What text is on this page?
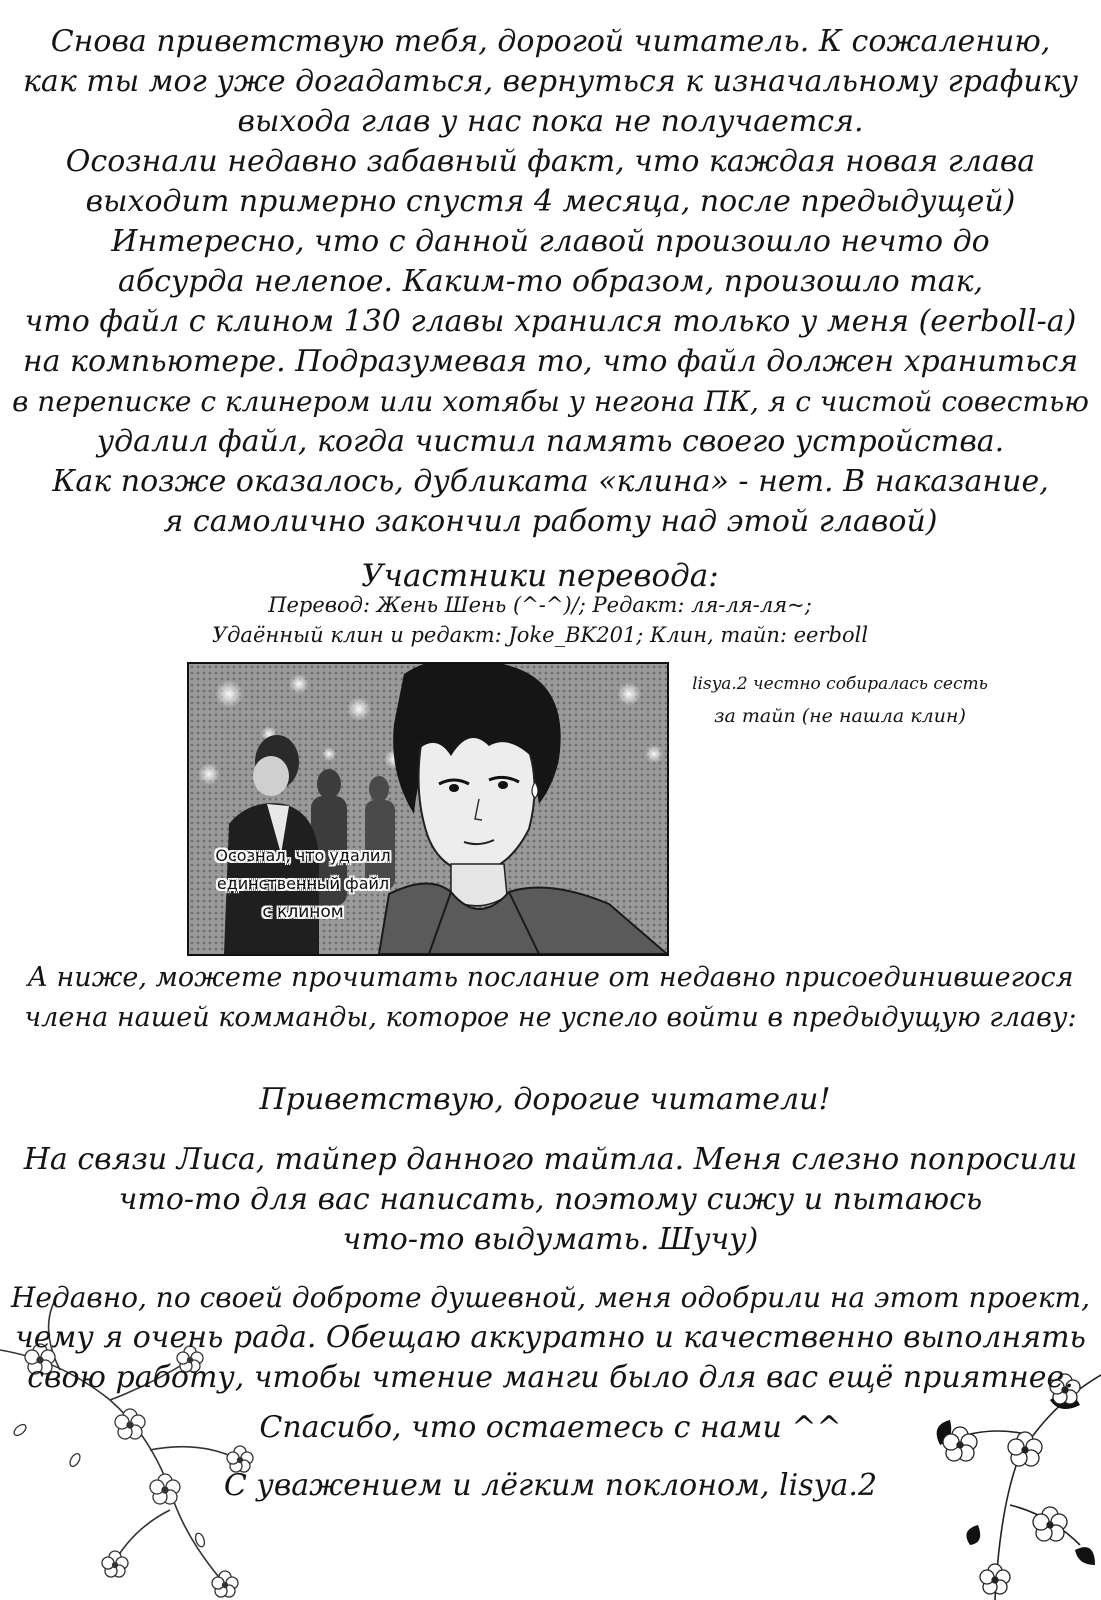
Снова приветствую тебя, дорогой читатель. К сожалению,
как ты мог уже догадаться, вернуться к изначальному графику
выхода глав у нас пока не получается.
Осознали недавно забавный факт, что каждая новая глава
выходит примерно спустя 4 месяца, после предыдущей)
Интересно, что с данной главой произошло нечто до
абсурда нелепое. Каким-то образом, произошло так,
что файл с клином 130 главы хранился только у меня (eerboll-a)
на компьютере. Подразумевая то, что файл должен храниться
в переписке с клинером или хотябы у негона ПК, я с чистой совестью
удалил файл, когда чистил память своего устройства.
Как позже оказалось, дубликата «клина» - нет. В наказание,
я самолично закончил работу над этой главой)
Участники перевода:
Перевод: Жень Шень (^-^)/; Редакт: ля-ля-ля~;
Удаённый клин и редакт: Joke_BK201; Клин, тайп: eerboll
Осознал, что удалил
единственный файл
с клином
lisya.2 честно собиралась сесть
за тайп (не нашла клин)
А ниже, можете прочитать послание от недавно присоединившегося
члена нашей комманды, которое не успело войти в предыдущую главу:
Приветствую, дорогие читатели!
На связи Лиса, тайпер данного тайтла. Меня слезно попросили
что-то для вас написать, поэтому сижу и пытаюсь
что-то выдумать. Шучу)
Недавно, по своей доброте душевной, меня одобрили на этот проект,
чему я очень рада. Обещаю аккуратно и качественно выполнять
свою работу, чтобы чтение манги было для вас ещё приятнее.
Спасибо, что остаетесь с нами ^^
С уважением и лёгким поклоном, lisya.2
